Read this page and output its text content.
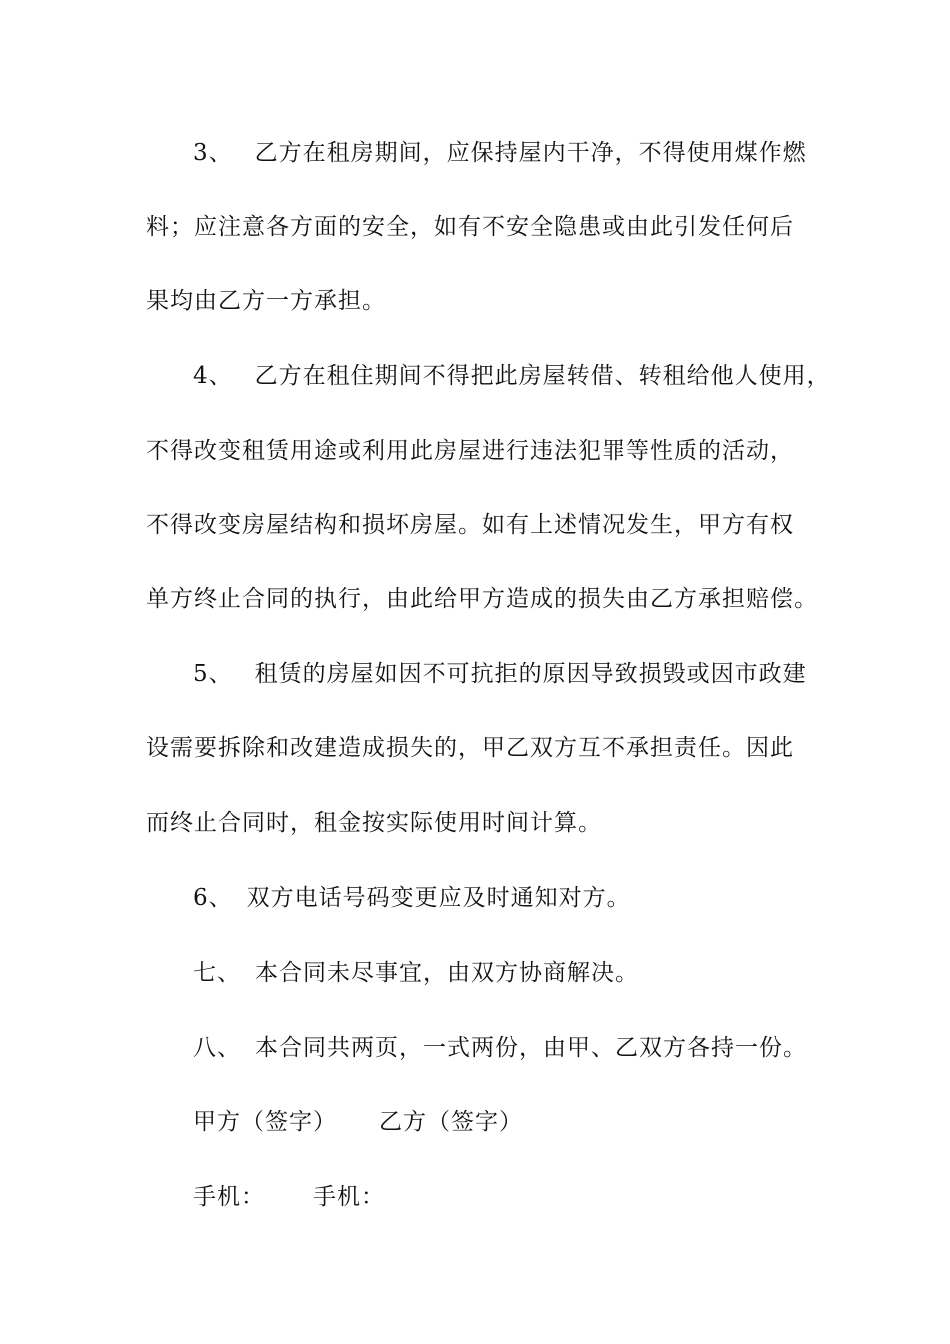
3、 乙方在租房期间，应保持屋内干净，不得使用煤作燃
料；应注意各方面的安全，如有不安全隐患或由此引发任何后
果均由乙方一方承担。
4、 乙方在租住期间不得把此房屋转借、转租给他人使用，
不得改变租赁用途或利用此房屋进行违法犯罪等性质的活动，
不得改变房屋结构和损坏房屋。如有上述情况发生，甲方有权
单方终止合同的执行，由此给甲方造成的损失由乙方承担赔偿。
5、 租赁的房屋如因不可抗拒的原因导致损毁或因市政建
设需要拆除和改建造成损失的，甲乙双方互不承担责任。因此
而终止合同时，租金按实际使用时间计算。
6、 双方电话号码变更应及时通知对方。
七、 本合同未尽事宜，由双方协商解决。
八、 本合同共两页，一式两份，由甲、乙双方各持一份。
甲方（签字） 乙方（签字）
手机： 手机：
